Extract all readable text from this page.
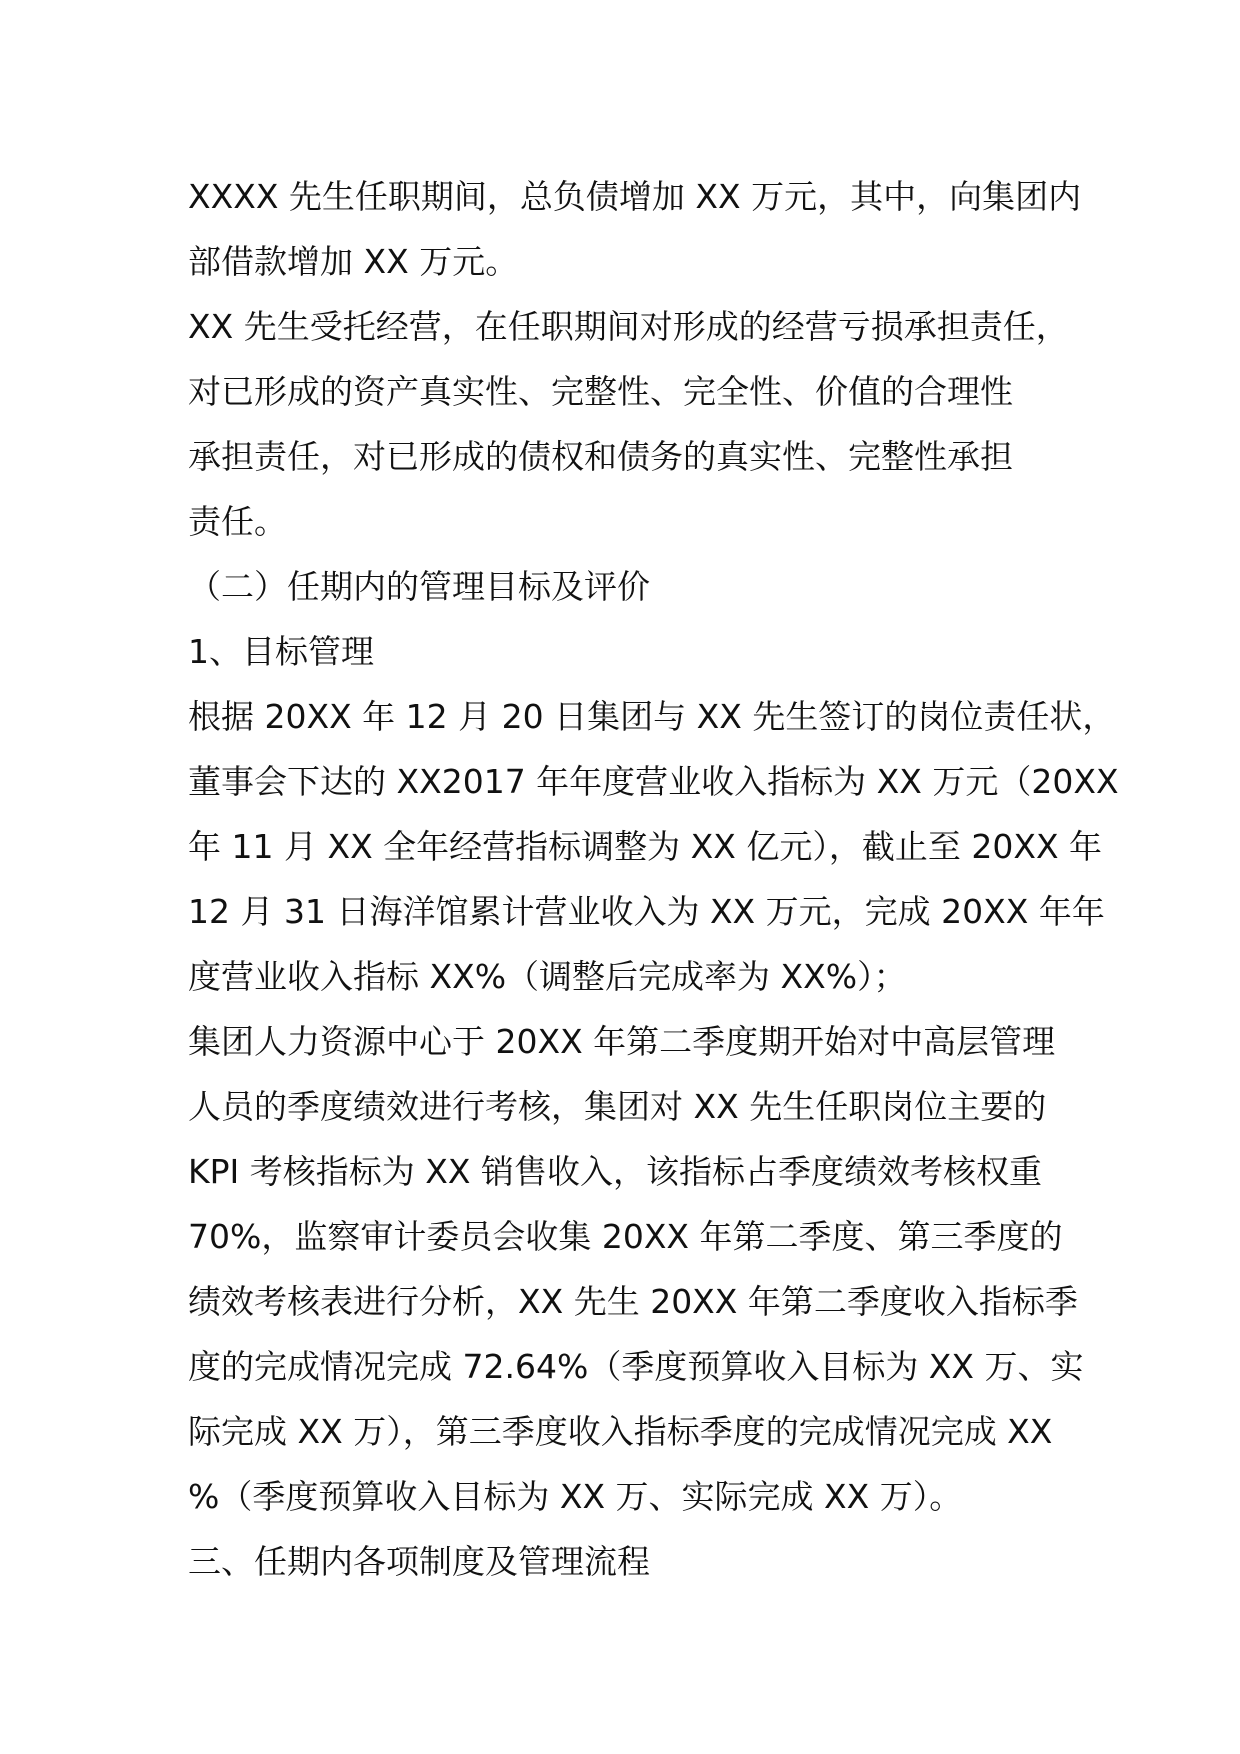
XXXX 先生任职期间，总负债增加 XX 万元，其中，向集团内
部借款增加 XX 万元。
XX 先生受托经营，在任职期间对形成的经营亏损承担责任，
对已形成的资产真实性、完整性、完全性、价值的合理性
承担责任，对已形成的债权和债务的真实性、完整性承担
责任。
（二）任期内的管理目标及评价
1、目标管理
根据 20XX 年 12 月 20 日集团与 XX 先生签订的岗位责任状，
董事会下达的 XX2017 年年度营业收入指标为 XX 万元（20XX
年 11 月 XX 全年经营指标调整为 XX 亿元），截止至 20XX 年
12 月 31 日海洋馆累计营业收入为 XX 万元，完成 20XX 年年
度营业收入指标 XX%（调整后完成率为 XX%）；
集团人力资源中心于 20XX 年第二季度期开始对中高层管理
人员的季度绩效进行考核，集团对 XX 先生任职岗位主要的
KPI 考核指标为 XX 销售收入，该指标占季度绩效考核权重
70%，监察审计委员会收集 20XX 年第二季度、第三季度的
绩效考核表进行分析，XX 先生 20XX 年第二季度收入指标季
度的完成情况完成 72.64%（季度预算收入目标为 XX 万、实
际完成 XX 万），第三季度收入指标季度的完成情况完成 XX
%（季度预算收入目标为 XX 万、实际完成 XX 万）。
三、任期内各项制度及管理流程
